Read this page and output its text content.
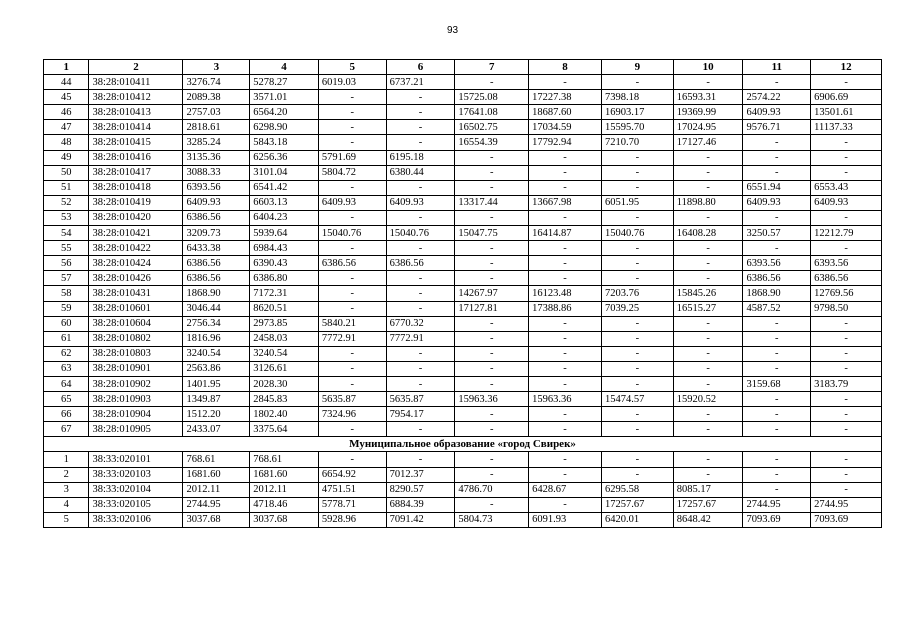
93
1	2	3	4	5	6	7	8	9	10	11	12
44	38:28:010411	3276.74	5278.27	6019.03	6737.21	-	-	-	-	-	-
45	38:28:010412	2089.38	3571.01	-	-	15725.08	17227.38	7398.18	16593.31	2574.22	6906.69
46	38:28:010413	2757.03	6564.20	-	-	17641.08	18687.60	16903.17	19369.99	6409.93	13501.61
47	38:28:010414	2818.61	6298.90	-	-	16502.75	17034.59	15595.70	17024.95	9576.71	11137.33
48	38:28:010415	3285.24	5843.18	-	-	16554.39	17792.94	7210.70	17127.46	-	-
49	38:28:010416	3135.36	6256.36	5791.69	6195.18	-	-	-	-	-	-
50	38:28:010417	3088.33	3101.04	5804.72	6380.44	-	-	-	-	-	-
51	38:28:010418	6393.56	6541.42	-	-	-	-	-	-	6551.94	6553.43
52	38:28:010419	6409.93	6603.13	6409.93	6409.93	13317.44	13667.98	6051.95	11898.80	6409.93	6409.93
53	38:28:010420	6386.56	6404.23	-	-	-	-	-	-	-	-
54	38:28:010421	3209.73	5939.64	15040.76	15040.76	15047.75	16414.87	15040.76	16408.28	3250.57	12212.79
55	38:28:010422	6433.38	6984.43	-	-	-	-	-	-	-	-
56	38:28:010424	6386.56	6390.43	6386.56	6386.56	-	-	-	-	6393.56	6393.56
57	38:28:010426	6386.56	6386.80	-	-	-	-	-	-	6386.56	6386.56
58	38:28:010431	1868.90	7172.31	-	-	14267.97	16123.48	7203.76	15845.26	1868.90	12769.56
59	38:28:010601	3046.44	8620.51	-	-	17127.81	17388.86	7039.25	16515.27	4587.52	9798.50
60	38:28:010604	2756.34	2973.85	5840.21	6770.32	-	-	-	-	-	-
61	38:28:010802	1816.96	2458.03	7772.91	7772.91	-	-	-	-	-	-
62	38:28:010803	3240.54	3240.54	-	-	-	-	-	-	-	-
63	38:28:010901	2563.86	3126.61	-	-	-	-	-	-	-	-
64	38:28:010902	1401.95	2028.30	-	-	-	-	-	-	3159.68	3183.79
65	38:28:010903	1349.87	2845.83	5635.87	5635.87	15963.36	15963.36	15474.57	15920.52	-	-
66	38:28:010904	1512.20	1802.40	7324.96	7954.17	-	-	-	-	-	-
67	38:28:010905	2433.07	3375.64	-	-	-	-	-	-	-	-
Муниципальное образование «город Свирек»											
1	38:33:020101	768.61	768.61	-	-	-	-	-	-	-	-
2	38:33:020103	1681.60	1681.60	6654.92	7012.37	-	-	-	-	-	-
3	38:33:020104	2012.11	2012.11	4751.51	8290.57	4786.70	6428.67	6295.58	8085.17	-	-
4	38:33:020105	2744.95	4718.46	5778.71	6884.39	-	-	17257.67	17257.67	2744.95	2744.95
5	38:33:020106	3037.68	3037.68	5928.96	7091.42	5804.73	6091.93	6420.01	8648.42	7093.69	7093.69
